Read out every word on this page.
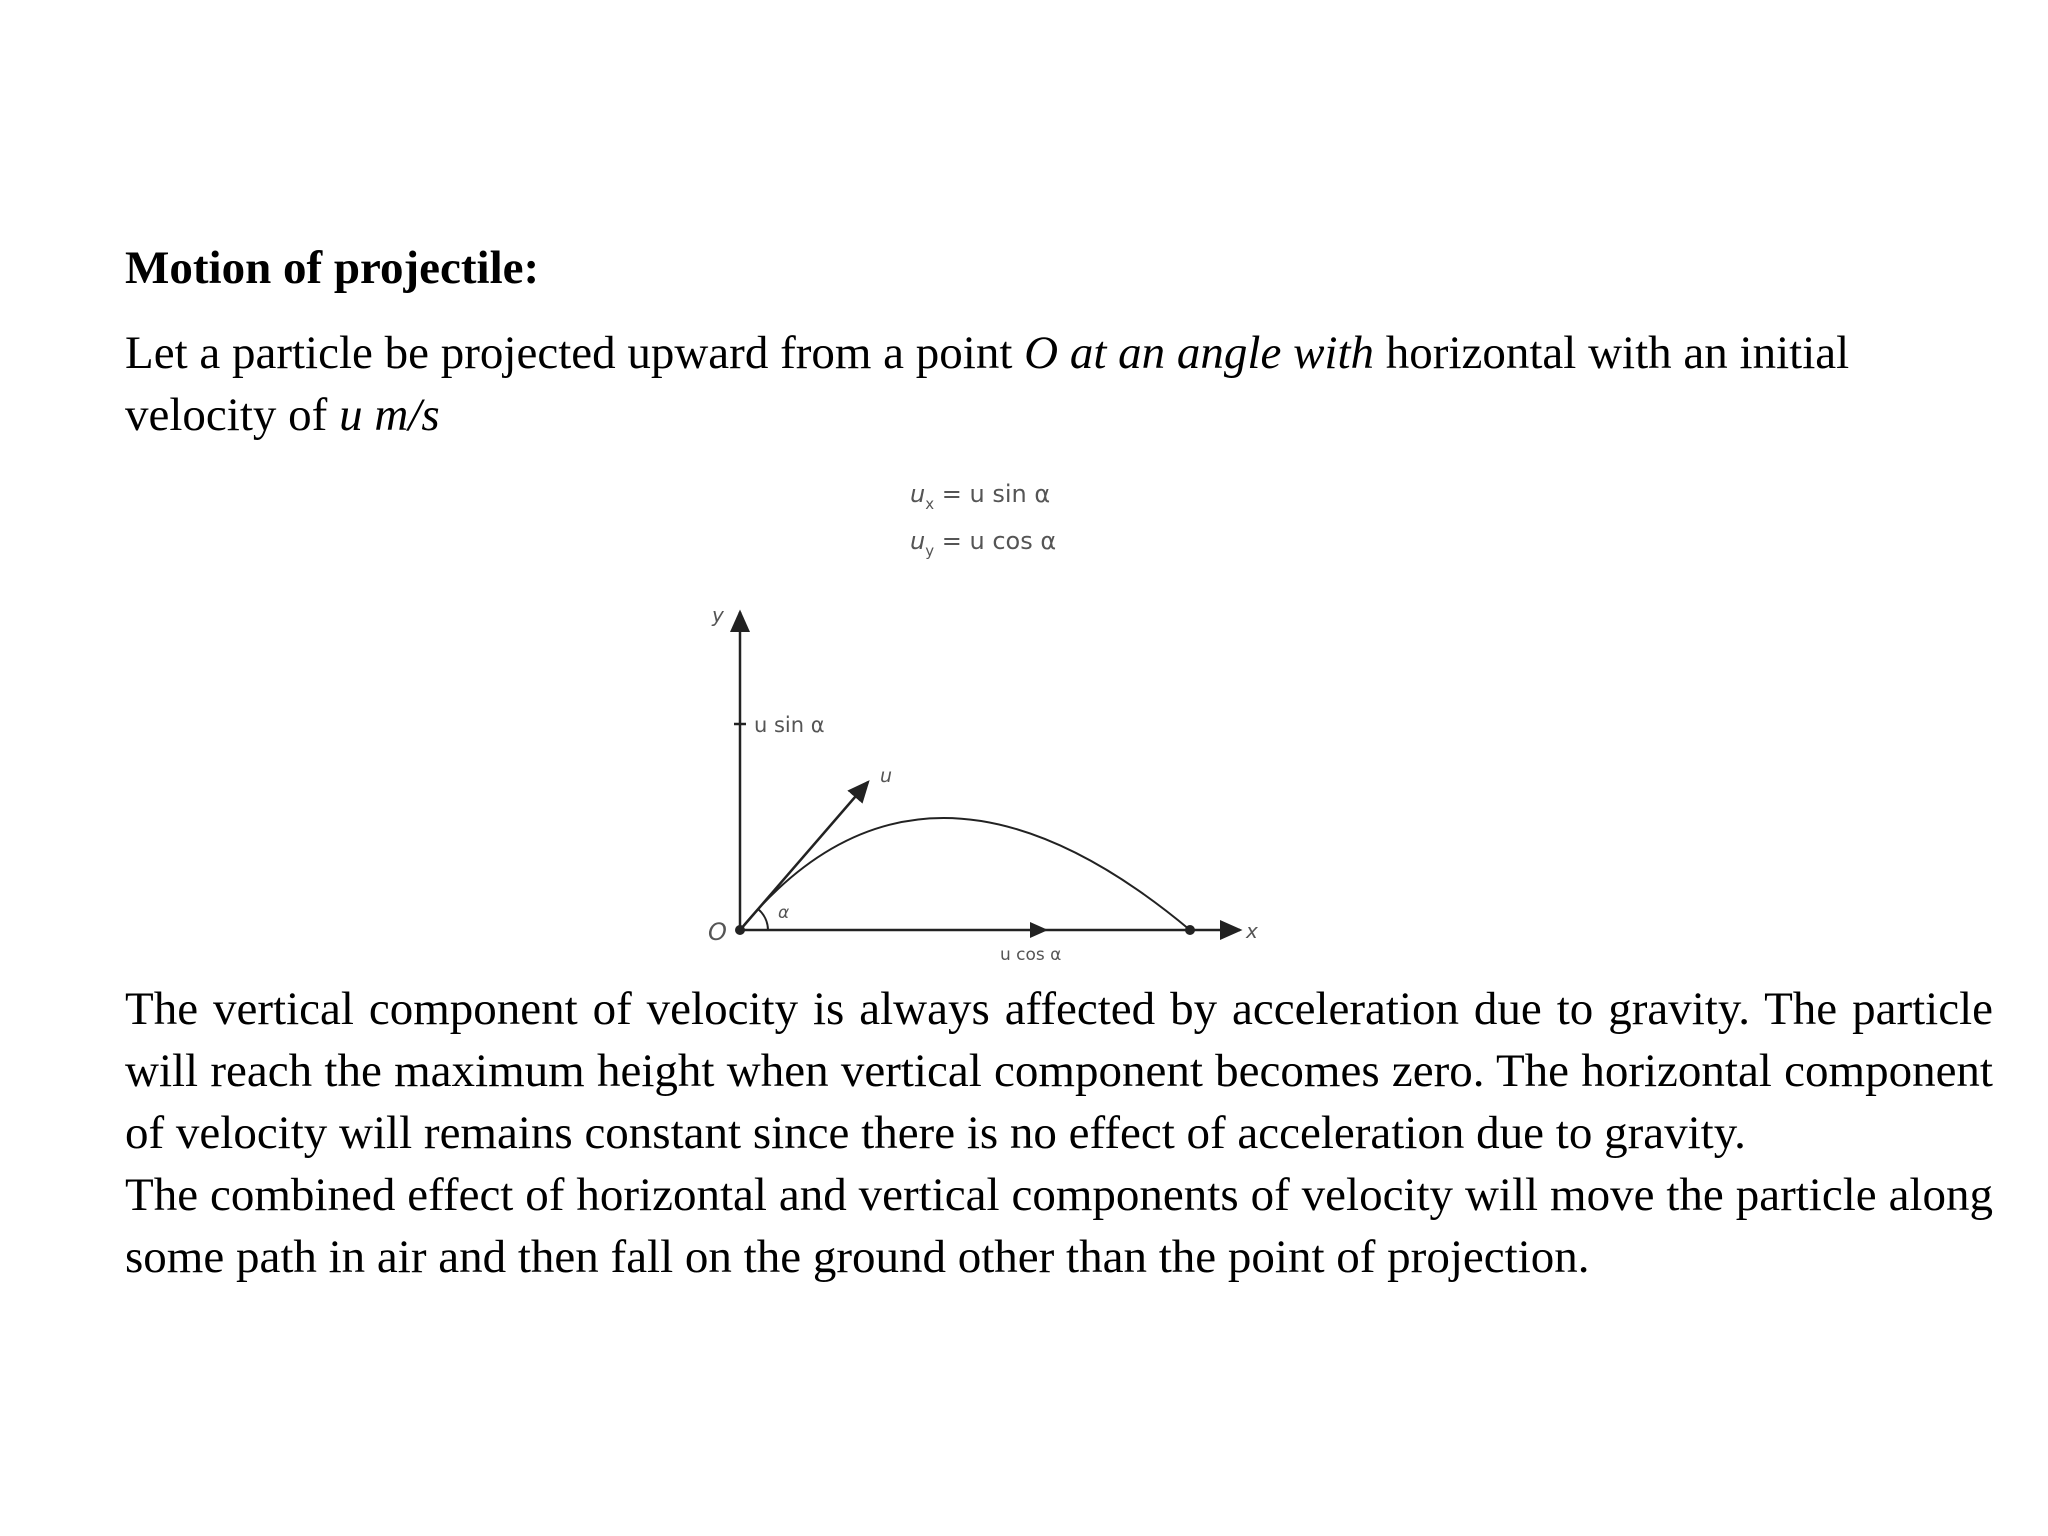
Motion of projectile:
Let a particle be projected upward from a point O at an angle with horizontal with an initial
velocity of u m/s
$u_x = u$ sin α
$u_y = u$ cos α
y
x
O
u sin α
u
α
u cos α

The vertical component of velocity is always affected by acceleration due to gravity. The particle will reach the maximum height when vertical component becomes zero. The horizontal component of velocity will remains constant since there is no effect of acceleration due to gravity.

The combined effect of horizontal and vertical components of velocity will move the particle along some path in air and then fall on the ground other than the point of projection.
